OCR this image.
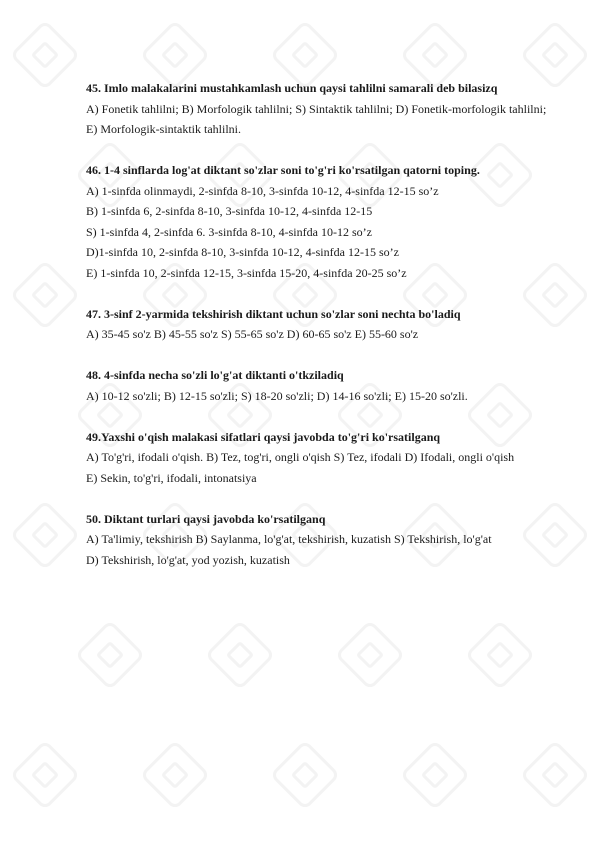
45. Imlo malakalarini mustahkamlash uchun qaysi tahlilni samarali deb bilasizq

A) Fonetik tahlilni; B) Morfologik tahlilni; S) Sintaktik tahlilni; D) Fonetik-morfologik tahlilni;

E) Morfologik-sintaktik tahlilni.

46. 1-4 sinflarda log'at diktant so'zlar soni to'g'ri ko'rsatilgan qatorni toping.

A) 1-sinfda olinmaydi, 2-sinfda 8-10, 3-sinfda 10-12, 4-sinfda 12-15 so’z

B) 1-sinfda 6, 2-sinfda 8-10, 3-sinfda 10-12, 4-sinfda 12-15

S) 1-sinfda 4, 2-sinfda 6. 3-sinfda 8-10, 4-sinfda 10-12 so’z

D)1-sinfda 10, 2-sinfda 8-10, 3-sinfda 10-12, 4-sinfda 12-15 so’z

E) 1-sinfda 10, 2-sinfda 12-15, 3-sinfda 15-20, 4-sinfda 20-25 so’z

47. 3-sinf 2-yarmida tekshirish diktant uchun so'zlar soni nechta bo'ladiq

A) 35-45 so'z B) 45-55 so'z S) 55-65 so'z D) 60-65 so'z E) 55-60 so'z

48. 4-sinfda necha so'zli lo'g'at diktanti o'tkziladiq

A) 10-12 so'zli; B) 12-15 so'zli; S) 18-20 so'zli; D) 14-16 so'zli; E) 15-20 so'zli.

49.Yaxshi o'qish malakasi sifatlari qaysi javobda to'g'ri ko'rsatilganq

A) To'g'ri, ifodali o'qish. B) Tez, tog'ri, ongli o'qish S) Tez, ifodali D) Ifodali, ongli o'qish

E) Sekin, to'g'ri, ifodali, intonatsiya

50. Diktant turlari qaysi javobda ko'rsatilganq

A) Ta'limiy, tekshirish B) Saylanma, lo'g'at, tekshirish, kuzatish S) Tekshirish, lo'g'at

D) Tekshirish, lo'g'at, yod yozish, kuzatish
